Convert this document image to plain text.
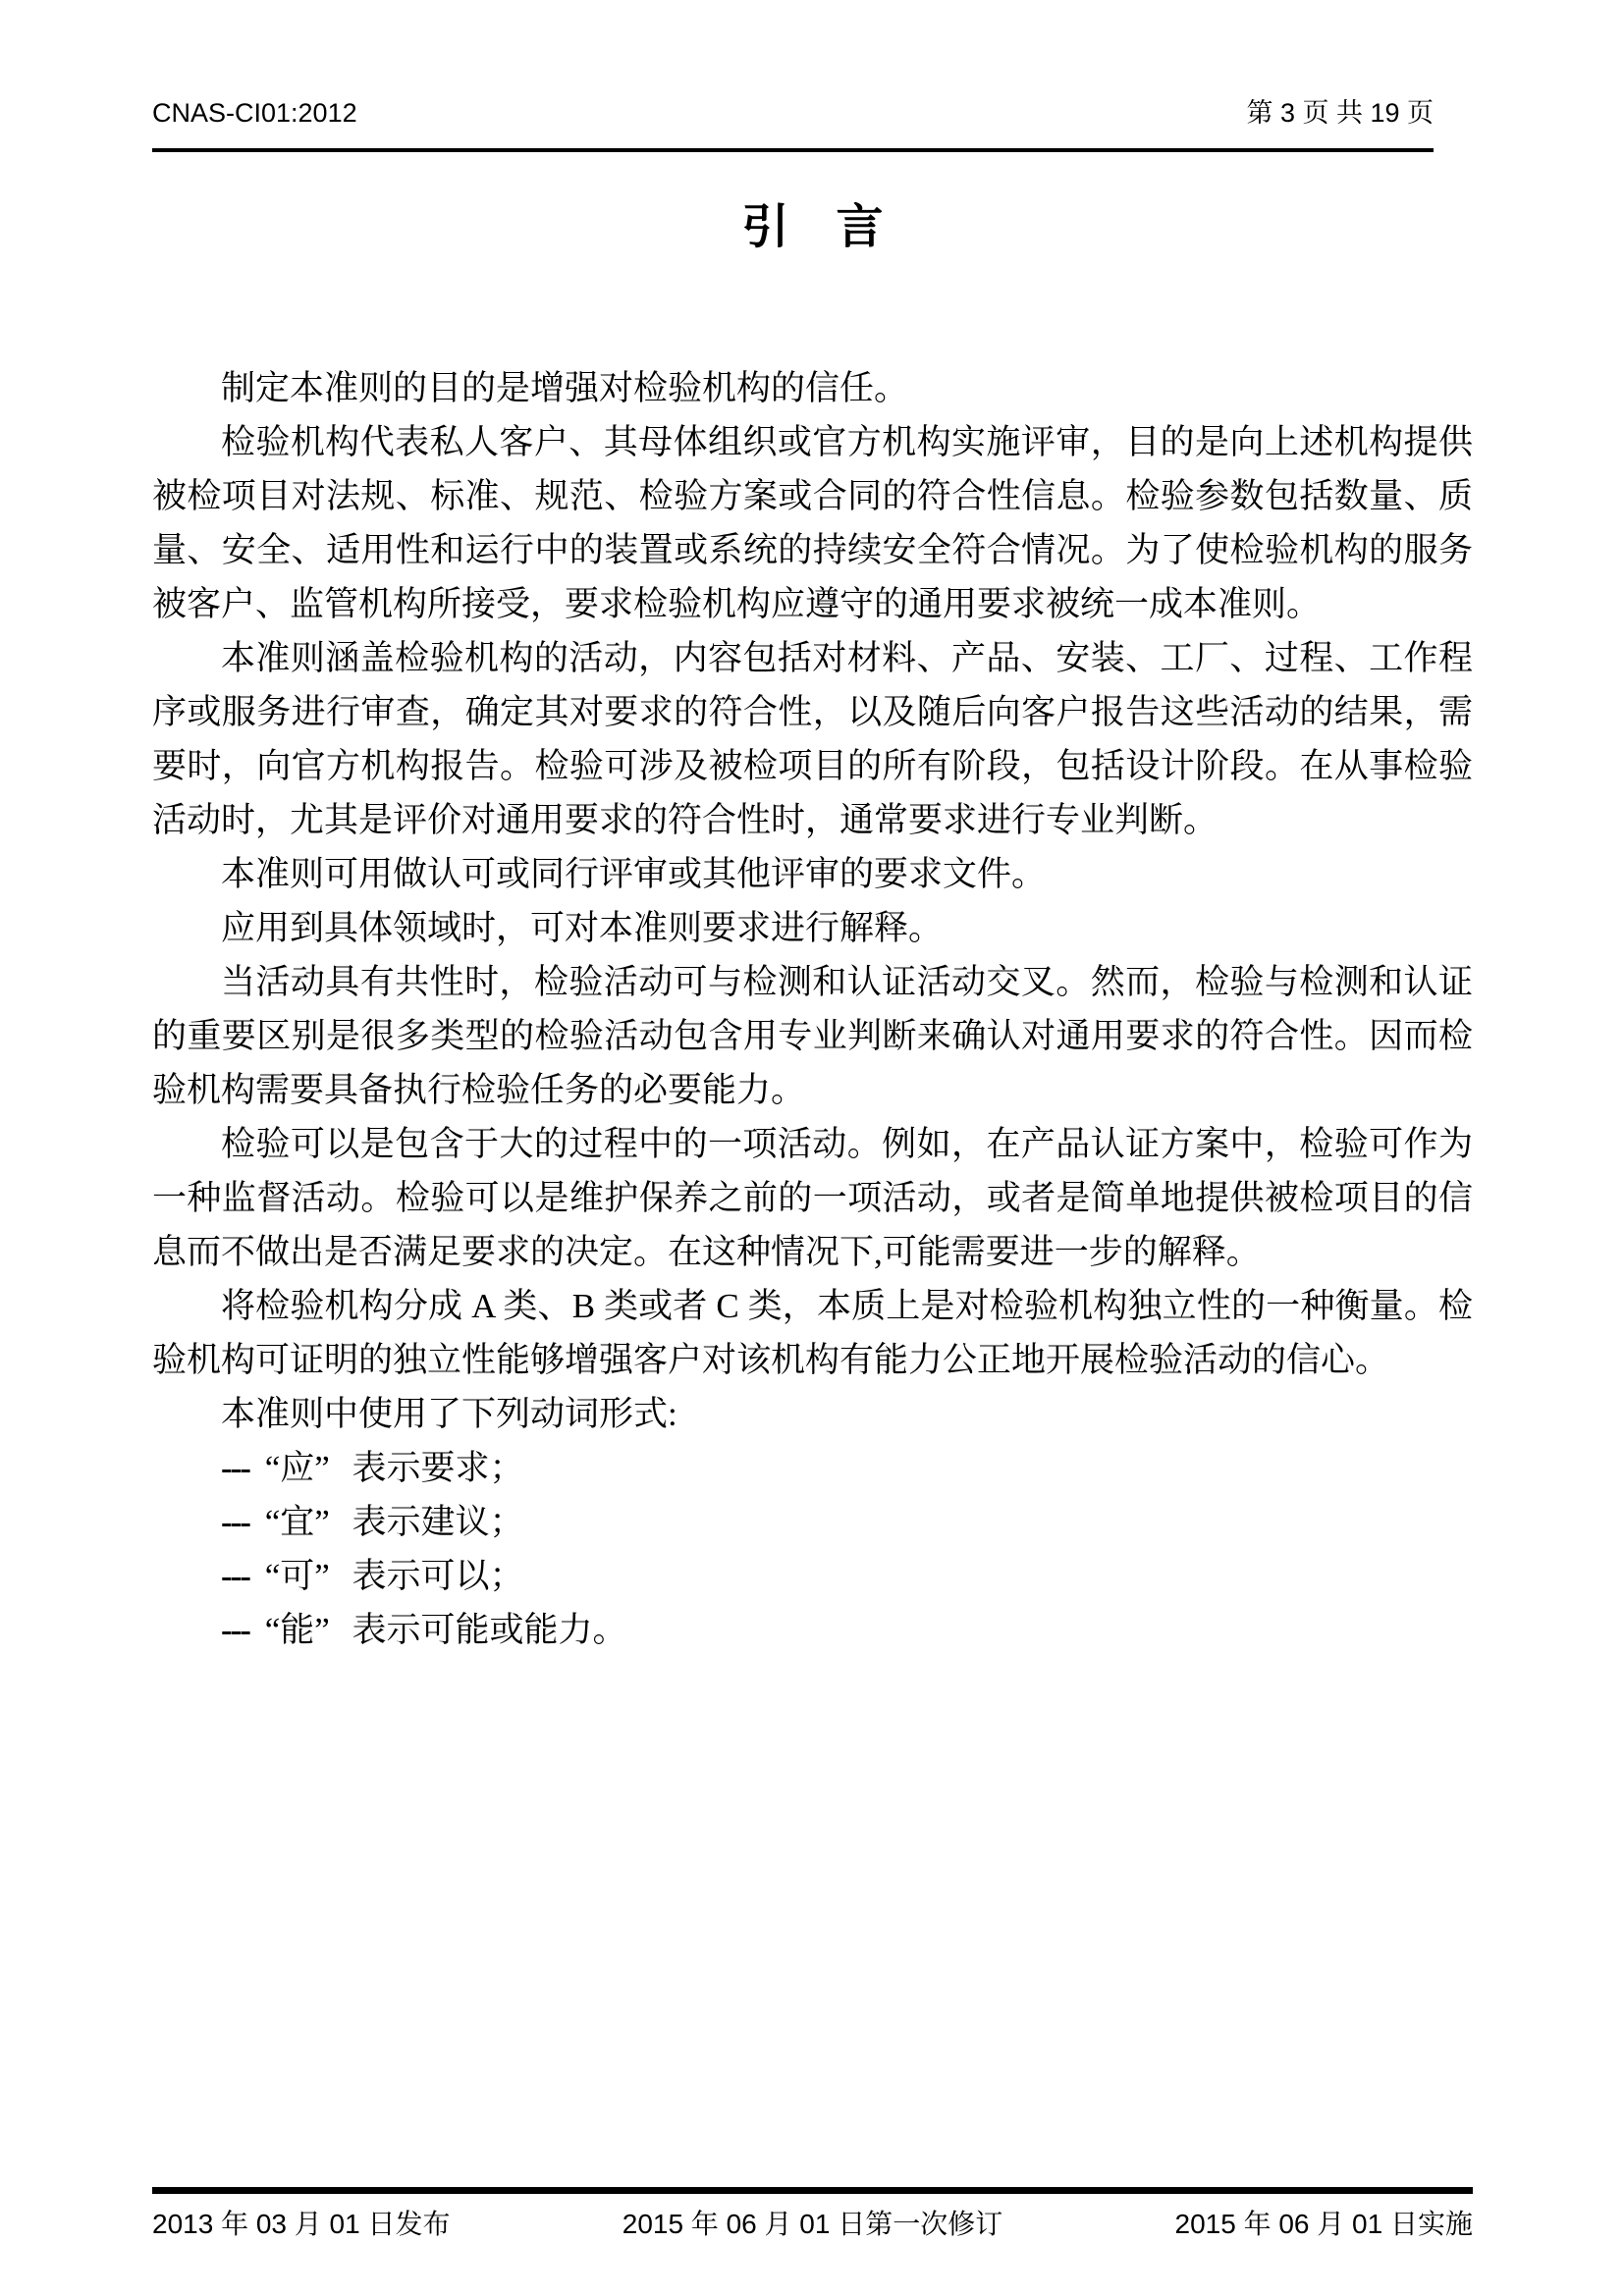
CNAS-CI01:2012	第 3 页 共 19 页
引　言

制定本准则的目的是增强对检验机构的信任。

检验机构代表私人客户、其母体组织或官方机构实施评审，目的是向上述机构提供被检项目对法规、标准、规范、检验方案或合同的符合性信息。检验参数包括数量、质量、安全、适用性和运行中的装置或系统的持续安全符合情况。为了使检验机构的服务被客户、监管机构所接受，要求检验机构应遵守的通用要求被统一成本准则。

本准则涵盖检验机构的活动，内容包括对材料、产品、安装、工厂、过程、工作程序或服务进行审查，确定其对要求的符合性，以及随后向客户报告这些活动的结果，需要时，向官方机构报告。检验可涉及被检项目的所有阶段，包括设计阶段。在从事检验活动时，尤其是评价对通用要求的符合性时，通常要求进行专业判断。

本准则可用做认可或同行评审或其他评审的要求文件。

应用到具体领域时，可对本准则要求进行解释。

当活动具有共性时，检验活动可与检测和认证活动交叉。然而，检验与检测和认证的重要区别是很多类型的检验活动包含用专业判断来确认对通用要求的符合性。因而检验机构需要具备执行检验任务的必要能力。

检验可以是包含于大的过程中的一项活动。例如，在产品认证方案中，检验可作为一种监督活动。检验可以是维护保养之前的一项活动，或者是简单地提供被检项目的信息而不做出是否满足要求的决定。在这种情况下,可能需要进一步的解释。

将检验机构分成 A 类、B 类或者 C 类，本质上是对检验机构独立性的一种衡量。检验机构可证明的独立性能够增强客户对该机构有能力公正地开展检验活动的信心。

本准则中使用了下列动词形式:

--- “应” 表示要求；
--- “宜” 表示建议；
--- “可” 表示可以；
--- “能” 表示可能或能力。
2013 年 03 月 01 日发布	2015 年 06 月 01 日第一次修订	2015 年 06 月 01 日实施
